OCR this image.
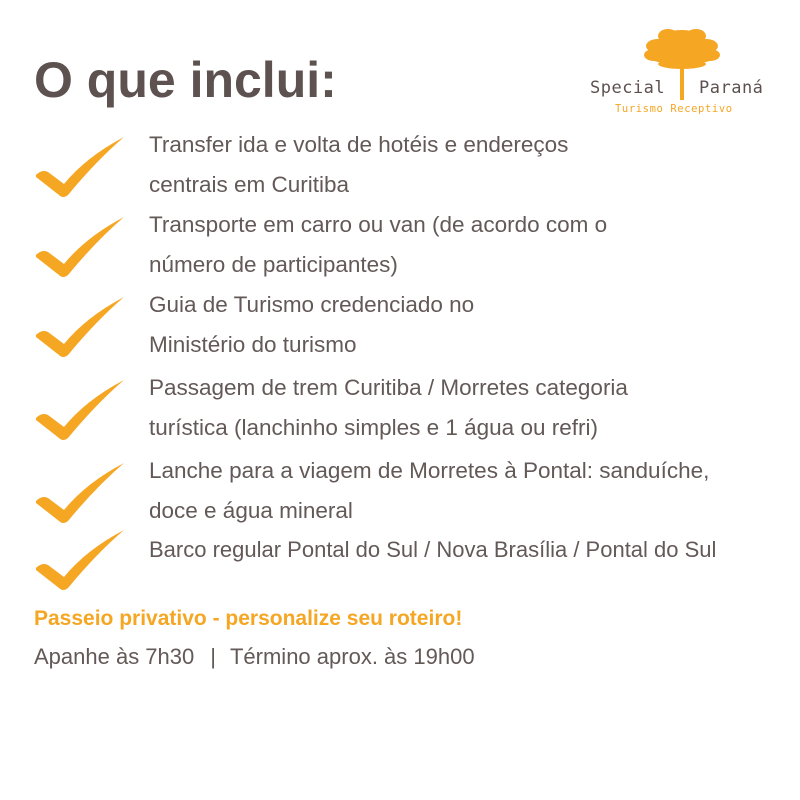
O que inclui:	Special Paraná
Turismo Receptivo
Transfer ida e volta de hotéis e endereços
centrais em Curitiba
Transporte em carro ou van (de acordo com o
número de participantes)
Guia de Turismo credenciado no
Ministério do turismo
Passagem de trem Curitiba / Morretes categoria
turística (lanchinho simples e 1 água ou refri)
Lanche para a viagem de Morretes à Pontal: sanduíche,
doce e água mineral
Barco regular Pontal do Sul / Nova Brasília / Pontal do Sul
Passeio privativo - personalize seu roteiro!
Apanhe às 7h30 | Término aprox. às 19h00
